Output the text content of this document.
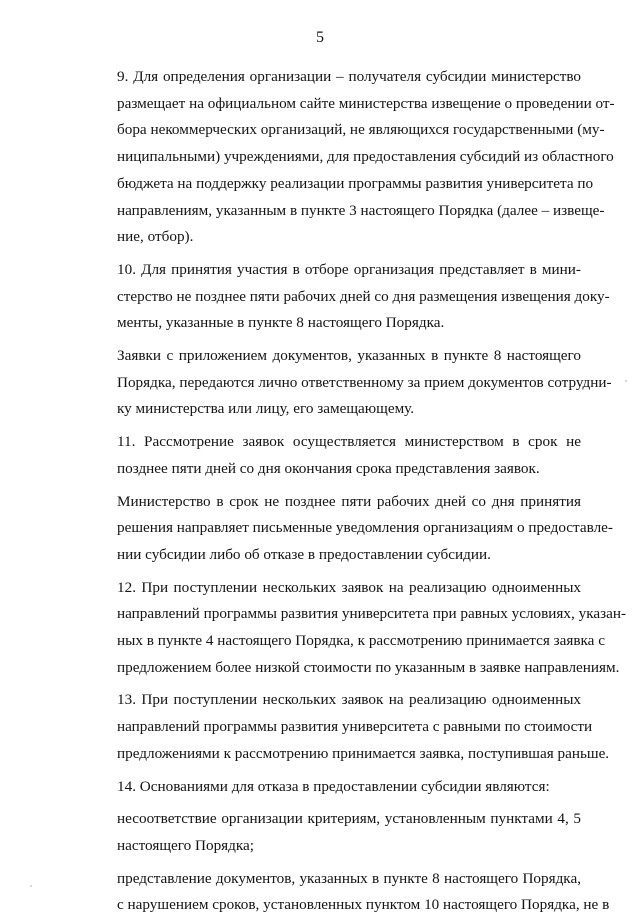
5

9. Для определения организации – получателя субсидии министерство
размещает на официальном сайте министерства извещение о проведении от-
бора некоммерческих организаций, не являющихся государственными (му-
ниципальными) учреждениями, для предоставления субсидий из областного
бюджета на поддержку реализации программы развития университета по
направлениям, указанным в пункте 3 настоящего Порядка (далее – извеще-
ние, отбор).

10. Для принятия участия в отборе организация представляет в мини-
стерство не позднее пяти рабочих дней со дня размещения извещения доку-
менты, указанные в пункте 8 настоящего Порядка.

Заявки с приложением документов, указанных в пункте 8 настоящего
Порядка, передаются лично ответственному за прием документов сотрудни-
ку министерства или лицу, его замещающему.

11. Рассмотрение заявок осуществляется министерством в срок не
позднее пяти дней со дня окончания срока представления заявок.

Министерство в срок не позднее пяти рабочих дней со дня принятия
решения направляет письменные уведомления организациям о предоставле-
нии субсидии либо об отказе в предоставлении субсидии.

12. При поступлении нескольких заявок на реализацию одноименных
направлений программы развития университета при равных условиях, указан-
ных в пункте 4 настоящего Порядка, к рассмотрению принимается заявка с
предложением более низкой стоимости по указанным в заявке направлениям.

13. При поступлении нескольких заявок на реализацию одноименных
направлений программы развития университета с равными по стоимости
предложениями к рассмотрению принимается заявка, поступившая раньше.

14. Основаниями для отказа в предоставлении субсидии являются:

несоответствие организации критериям, установленным пунктами 4, 5
настоящего Порядка;

представление документов, указанных в пункте 8 настоящего Порядка,
с нарушением сроков, установленных пунктом 10 настоящего Порядка, не в
